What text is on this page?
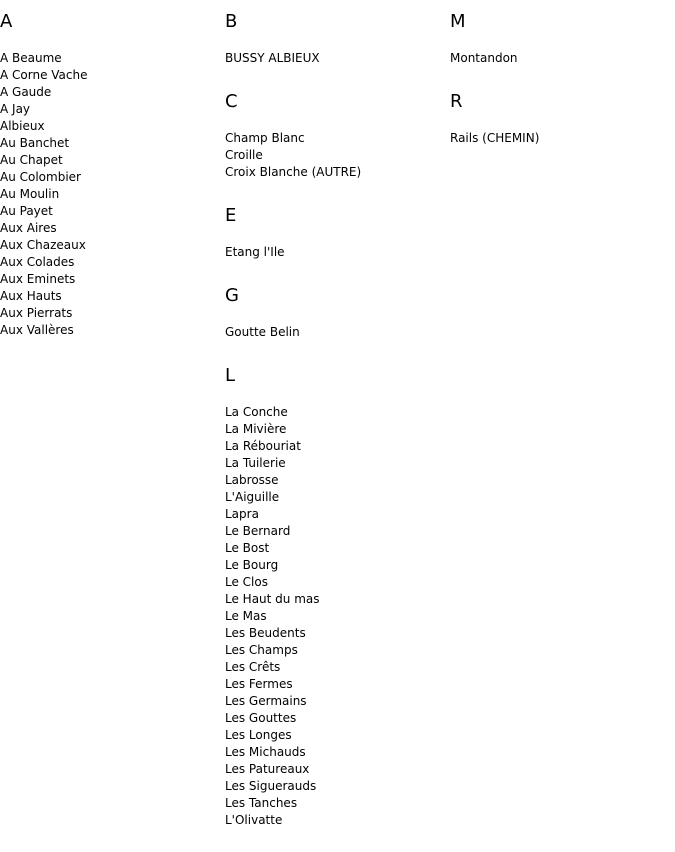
A
A Beaume
A Corne Vache
A Gaude
A Jay
Albieux
Au Banchet
Au Chapet
Au Colombier
Au Moulin
Au Payet
Aux Aires
Aux Chazeaux
Aux Colades
Aux Eminets
Aux Hauts
Aux Pierrats
Aux Vallères
B
BUSSY ALBIEUX
C
Champ Blanc
Croille
Croix Blanche (AUTRE)
E
Etang l'Ile
G
Goutte Belin
L
La Conche
La Mivière
La Rébouriat
La Tuilerie
Labrosse
L'Aiguille
Lapra
Le Bernard
Le Bost
Le Bourg
Le Clos
Le Haut du mas
Le Mas
Les Beudents
Les Champs
Les Crêts
Les Fermes
Les Germains
Les Gouttes
Les Longes
Les Michauds
Les Patureaux
Les Siguerauds
Les Tanches
L'Olivatte
M
Montandon
R
Rails (CHEMIN)
